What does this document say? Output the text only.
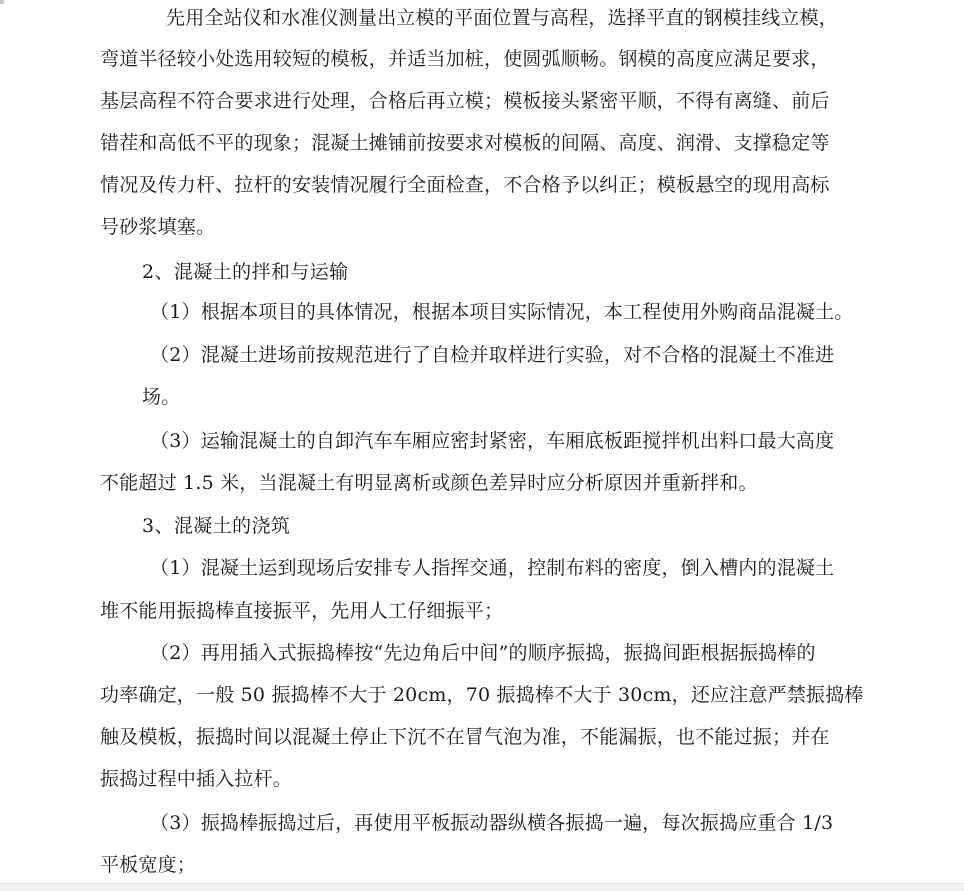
先用全站仪和水准仪测量出立模的平面位置与高程，选择平直的钢模挂线立模，
弯道半径较小处选用较短的模板，并适当加桩，使圆弧顺畅。钢模的高度应满足要求，
基层高程不符合要求进行处理，合格后再立模；模板接头紧密平顺，不得有离缝、前后
错茬和高低不平的现象；混凝土摊铺前按要求对模板的间隔、高度、润滑、支撑稳定等
情况及传力杆、拉杆的安装情况履行全面检查，不合格予以纠正；模板悬空的现用高标
号砂浆填塞。
2、混凝土的拌和与运输
（1）根据本项目的具体情况，根据本项目实际情况，本工程使用外购商品混凝土。
（2）混凝土进场前按规范进行了自检并取样进行实验，对不合格的混凝土不准进
场。
（3）运输混凝土的自卸汽车车厢应密封紧密，车厢底板距搅拌机出料口最大高度
不能超过 1.5 米，当混凝土有明显离析或颜色差异时应分析原因并重新拌和。
3、混凝土的浇筑
（1）混凝土运到现场后安排专人指挥交通，控制布料的密度，倒入槽内的混凝土
堆不能用振捣棒直接振平，先用人工仔细振平；
（2）再用插入式振捣棒按“先边角后中间”的顺序振捣，振捣间距根据振捣棒的
功率确定，一般 50 振捣棒不大于 20cm，70 振捣棒不大于 30cm，还应注意严禁振捣棒
触及模板，振捣时间以混凝土停止下沉不在冒气泡为准，不能漏振，也不能过振；并在
振捣过程中插入拉杆。
（3）振捣棒振捣过后，再使用平板振动器纵横各振捣一遍，每次振捣应重合 1/3
平板宽度；
